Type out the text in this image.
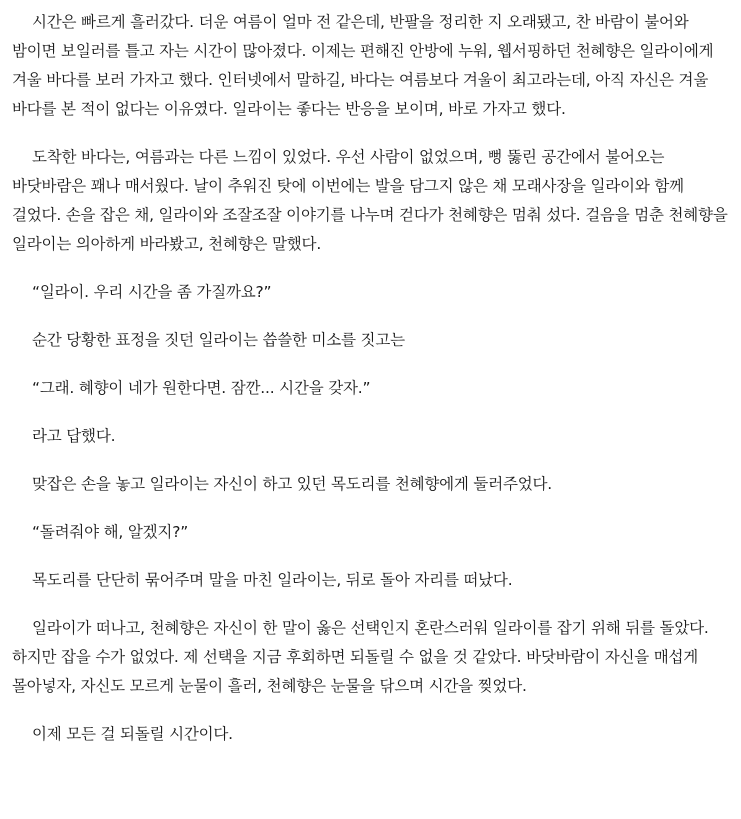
시간은 빠르게 흘러갔다. 더운 여름이 얼마 전 같은데, 반팔을 정리한 지 오래됐고, 찬 바람이 불어와 밤이면 보일러를 틀고 자는 시간이 많아졌다. 이제는 편해진 안방에 누워, 웹서핑하던 천혜향은 일라이에게 겨울 바다를 보러 가자고 했다. 인터넷에서 말하길, 바다는 여름보다 겨울이 최고라는데, 아직 자신은 겨울 바다를 본 적이 없다는 이유였다. 일라이는 좋다는 반응을 보이며, 바로 가자고 했다.

도착한 바다는, 여름과는 다른 느낌이 있었다. 우선 사람이 없었으며, 뻥 뚫린 공간에서 불어오는 바닷바람은 꽤나 매서웠다. 날이 추워진 탓에 이번에는 발을 담그지 않은 채 모래사장을 일라이와 함께 걸었다. 손을 잡은 채, 일라이와 조잘조잘 이야기를 나누며 걷다가 천혜향은 멈춰 섰다. 걸음을 멈춘 천혜향을 일라이는 의아하게 바라봤고, 천혜향은 말했다.

“일라이. 우리 시간을 좀 가질까요?”

순간 당황한 표정을 짓던 일라이는 씁쓸한 미소를 짓고는

“그래. 혜향이 네가 원한다면. 잠깐... 시간을 갖자.”

라고 답했다.

맞잡은 손을 놓고 일라이는 자신이 하고 있던 목도리를 천혜향에게 둘러주었다.

“돌려줘야 해, 알겠지?”

목도리를 단단히 묶어주며 말을 마친 일라이는, 뒤로 돌아 자리를 떠났다.

일라이가 떠나고, 천혜향은 자신이 한 말이 옳은 선택인지 혼란스러워 일라이를 잡기 위해 뒤를 돌았다. 하지만 잡을 수가 없었다. 제 선택을 지금 후회하면 되돌릴 수 없을 것 같았다. 바닷바람이 자신을 매섭게 몰아넣자, 자신도 모르게 눈물이 흘러, 천혜향은 눈물을 닦으며 시간을 찢었다.

이제 모든 걸 되돌릴 시간이다.
